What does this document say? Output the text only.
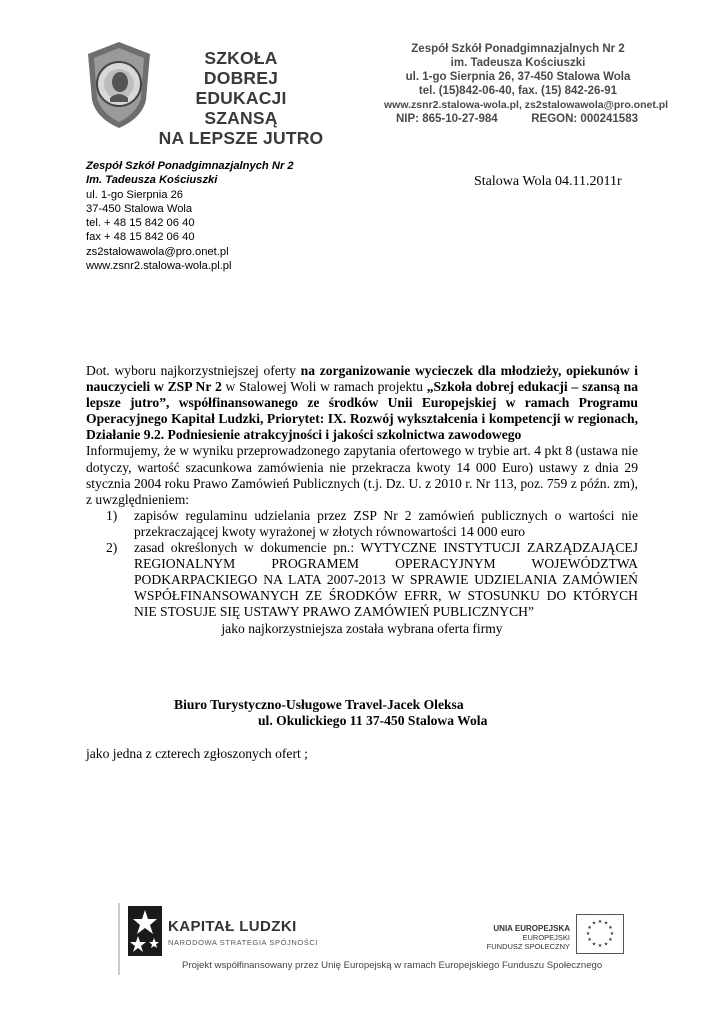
SZKOŁA
DOBREJ EDUKACJI
SZANSĄ
NA LEPSZE JUTRO
Zespół Szkół Ponadgimnazjalnych Nr 2
im. Tadeusza Kościuszki
ul. 1-go Sierpnia 26, 37-450 Stalowa Wola
tel. (15)842-06-40, fax. (15) 842-26-91
www.zsnr2.stalowa-wola.pl, zs2stalowawola@pro.onet.pl
NIP: 865-10-27-984	REGON: 000241583
Zespół Szkół Ponadgimnazjalnych Nr 2
Im. Tadeusza Kościuszki
ul. 1-go Sierpnia 26
37-450 Stalowa Wola
tel. + 48 15 842 06 40
fax + 48 15 842 06 40
zs2stalowawola@pro.onet.pl
www.zsnr2.stalowa-wola.pl.pl
Stalowa Wola 04.11.2011r

Dot. wyboru najkorzystniejszej oferty na zorganizowanie wycieczek dla młodzieży, opiekunów i nauczycieli w ZSP Nr 2 w Stalowej Woli w ramach projektu „Szkoła dobrej edukacji – szansą na lepsze jutro”, współfinansowanego ze środków Unii Europejskiej w ramach Programu Operacyjnego Kapitał Ludzki, Priorytet: IX. Rozwój wykształcenia i kompetencji w regionach, Działanie 9.2. Podniesienie atrakcyjności i jakości szkolnictwa zawodowego

Informujemy, że w wyniku przeprowadzonego zapytania ofertowego w trybie art. 4 pkt 8 (ustawa nie dotyczy, wartość szacunkowa zamówienia nie przekracza kwoty 14 000 Euro) ustawy z dnia 29 stycznia 2004 roku Prawo Zamówień Publicznych (t.j. Dz. U. z 2010 r. Nr 113, poz. 759 z późn. zm), z uwzględnieniem:

1)	zapisów regulaminu udzielania przez ZSP Nr 2 zamówień publicznych o wartości nie przekraczającej kwoty wyrażonej w złotych równowartości 14 000 euro
2)	zasad określonych w dokumencie pn.: WYTYCZNE INSTYTUCJI ZARZĄDZAJĄCEJ REGIONALNYM PROGRAMEM OPERACYJNYM WOJEWÓDZTWA PODKARPACKIEGO NA LATA 2007-2013 W SPRAWIE UDZIELANIA ZAMÓWIEŃ WSPÓŁFINANSOWANYCH ZE ŚRODKÓW EFRR, W STOSUNKU DO KTÓRYCH NIE STOSUJE SIĘ USTAWY PRAWO ZAMÓWIEŃ PUBLICZNYCH”

jako najkorzystniejsza została wybrana oferta firmy

Biuro Turystyczno-Usługowe Travel-Jacek Oleksa
ul. Okulickiego 11 37-450 Stalowa Wola
jako jedna z czterech zgłoszonych ofert ;
KAPITAŁ LUDZKI
NARODOWA STRATEGIA SPÓJNOŚCI
UNIA EUROPEJSKA
EUROPEJSKI
FUNDUSZ SPOŁECZNY
★ ★
★
★
★
★
★
★
★
★
★
★
Projekt współfinansowany przez Unię Europejską w ramach Europejskiego Funduszu Społecznego
